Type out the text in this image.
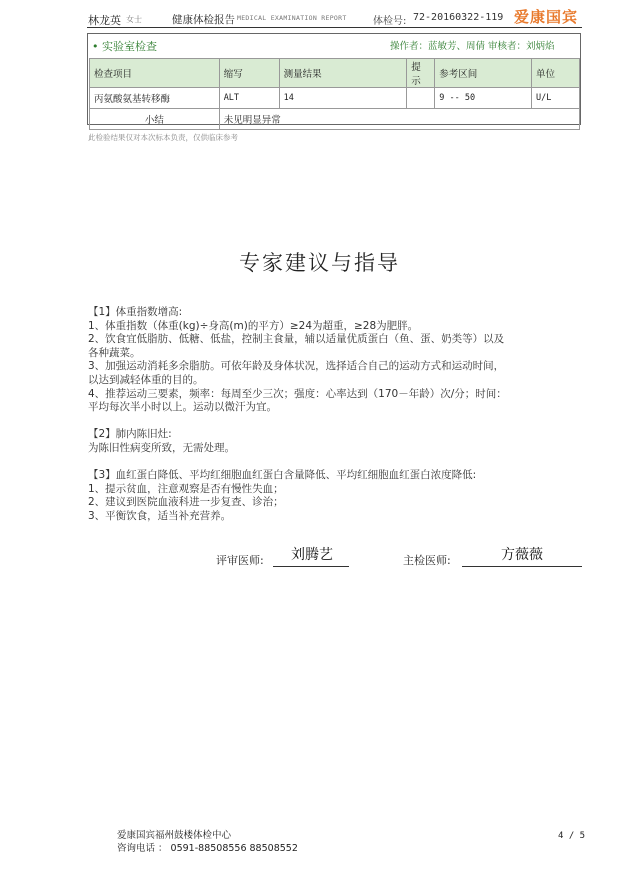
林龙英 女士	健康体检报告 MEDICAL EXAMINATION REPORT	体检号: 72-20160322-119 爱康国宾
• 实验室检查	操作者：蓝敏芳、周倩 审核者：刘炳焰
检查项目	缩写	测量结果	提示	参考区间	单位
丙氨酸氨基转移酶	ALT	14		9 -- 50	U/L
小结	未见明显异常				
此检验结果仅对本次标本负责，仅供临床参考
专家建议与指导

【1】体重指数增高:

1、体重指数（体重(kg)÷身高(m)的平方）≥24为超重，≥28为肥胖。

2、饮食宜低脂肪、低糖、低盐，控制主食量，辅以适量优质蛋白（鱼、蛋、奶类等）以及

各种蔬菜。

3、加强运动消耗多余脂肪。可依年龄及身体状况，选择适合自己的运动方式和运动时间，

以达到减轻体重的目的。

4、推荐运动三要素，频率：每周至少三次；强度：心率达到（170－年龄）次/分；时间：

平均每次半小时以上。运动以微汗为宜。

【2】肺内陈旧灶:

为陈旧性病变所致，无需处理。

【3】血红蛋白降低、平均红细胞血红蛋白含量降低、平均红细胞血红蛋白浓度降低:

1、提示贫血，注意观察是否有慢性失血；

2、建议到医院血液科进一步复查、诊治；

3、平衡饮食，适当补充营养。

评审医师:	刘腾艺	主检医师:	方薇薇
爱康国宾福州鼓楼体检中心
咨询电话 ： 0591-88508556 88508552
4 / 5
